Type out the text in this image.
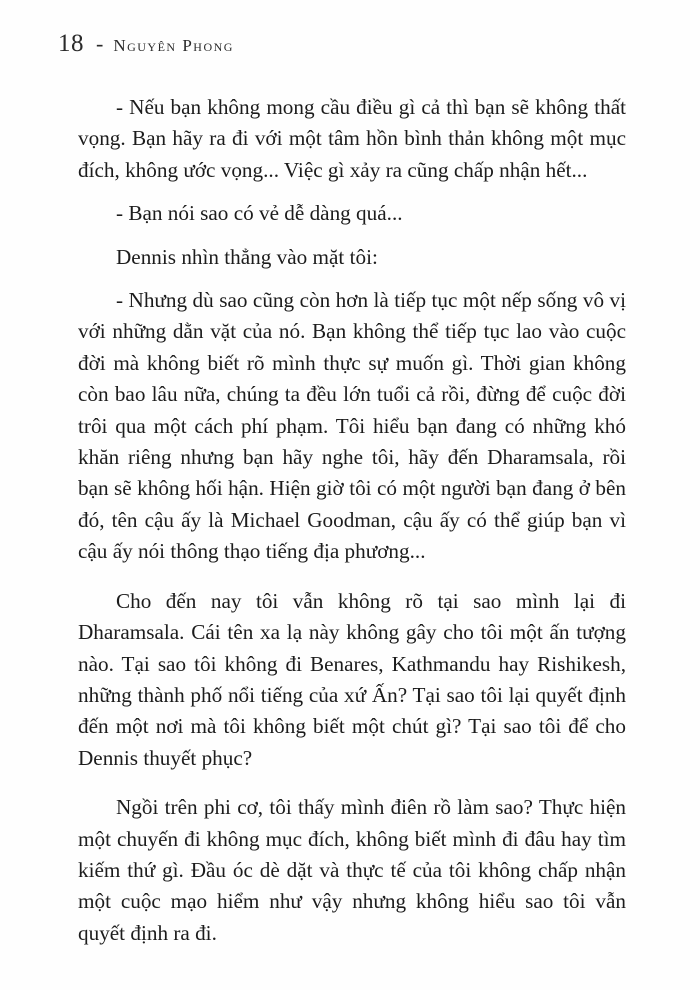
18 - Nguyên Phong

- Nếu bạn không mong cầu điều gì cả thì bạn sẽ không thất vọng. Bạn hãy ra đi với một tâm hồn bình thản không một mục đích, không ước vọng... Việc gì xảy ra cũng chấp nhận hết...

- Bạn nói sao có vẻ dễ dàng quá...

Dennis nhìn thẳng vào mặt tôi:

- Nhưng dù sao cũng còn hơn là tiếp tục một nếp sống vô vị với những dằn vặt của nó. Bạn không thể tiếp tục lao vào cuộc đời mà không biết rõ mình thực sự muốn gì. Thời gian không còn bao lâu nữa, chúng ta đều lớn tuổi cả rồi, đừng để cuộc đời trôi qua một cách phí phạm. Tôi hiểu bạn đang có những khó khăn riêng nhưng bạn hãy nghe tôi, hãy đến Dharamsala, rồi bạn sẽ không hối hận. Hiện giờ tôi có một người bạn đang ở bên đó, tên cậu ấy là Michael Goodman, cậu ấy có thể giúp bạn vì cậu ấy nói thông thạo tiếng địa phương...

Cho đến nay tôi vẫn không rõ tại sao mình lại đi Dharamsala. Cái tên xa lạ này không gây cho tôi một ấn tượng nào. Tại sao tôi không đi Benares, Kathmandu hay Rishikesh, những thành phố nổi tiếng của xứ Ấn? Tại sao tôi lại quyết định đến một nơi mà tôi không biết một chút gì? Tại sao tôi để cho Dennis thuyết phục?

Ngồi trên phi cơ, tôi thấy mình điên rồ làm sao? Thực hiện một chuyến đi không mục đích, không biết mình đi đâu hay tìm kiếm thứ gì. Đầu óc dè dặt và thực tế của tôi không chấp nhận một cuộc mạo hiểm như vậy nhưng không hiểu sao tôi vẫn quyết định ra đi.
